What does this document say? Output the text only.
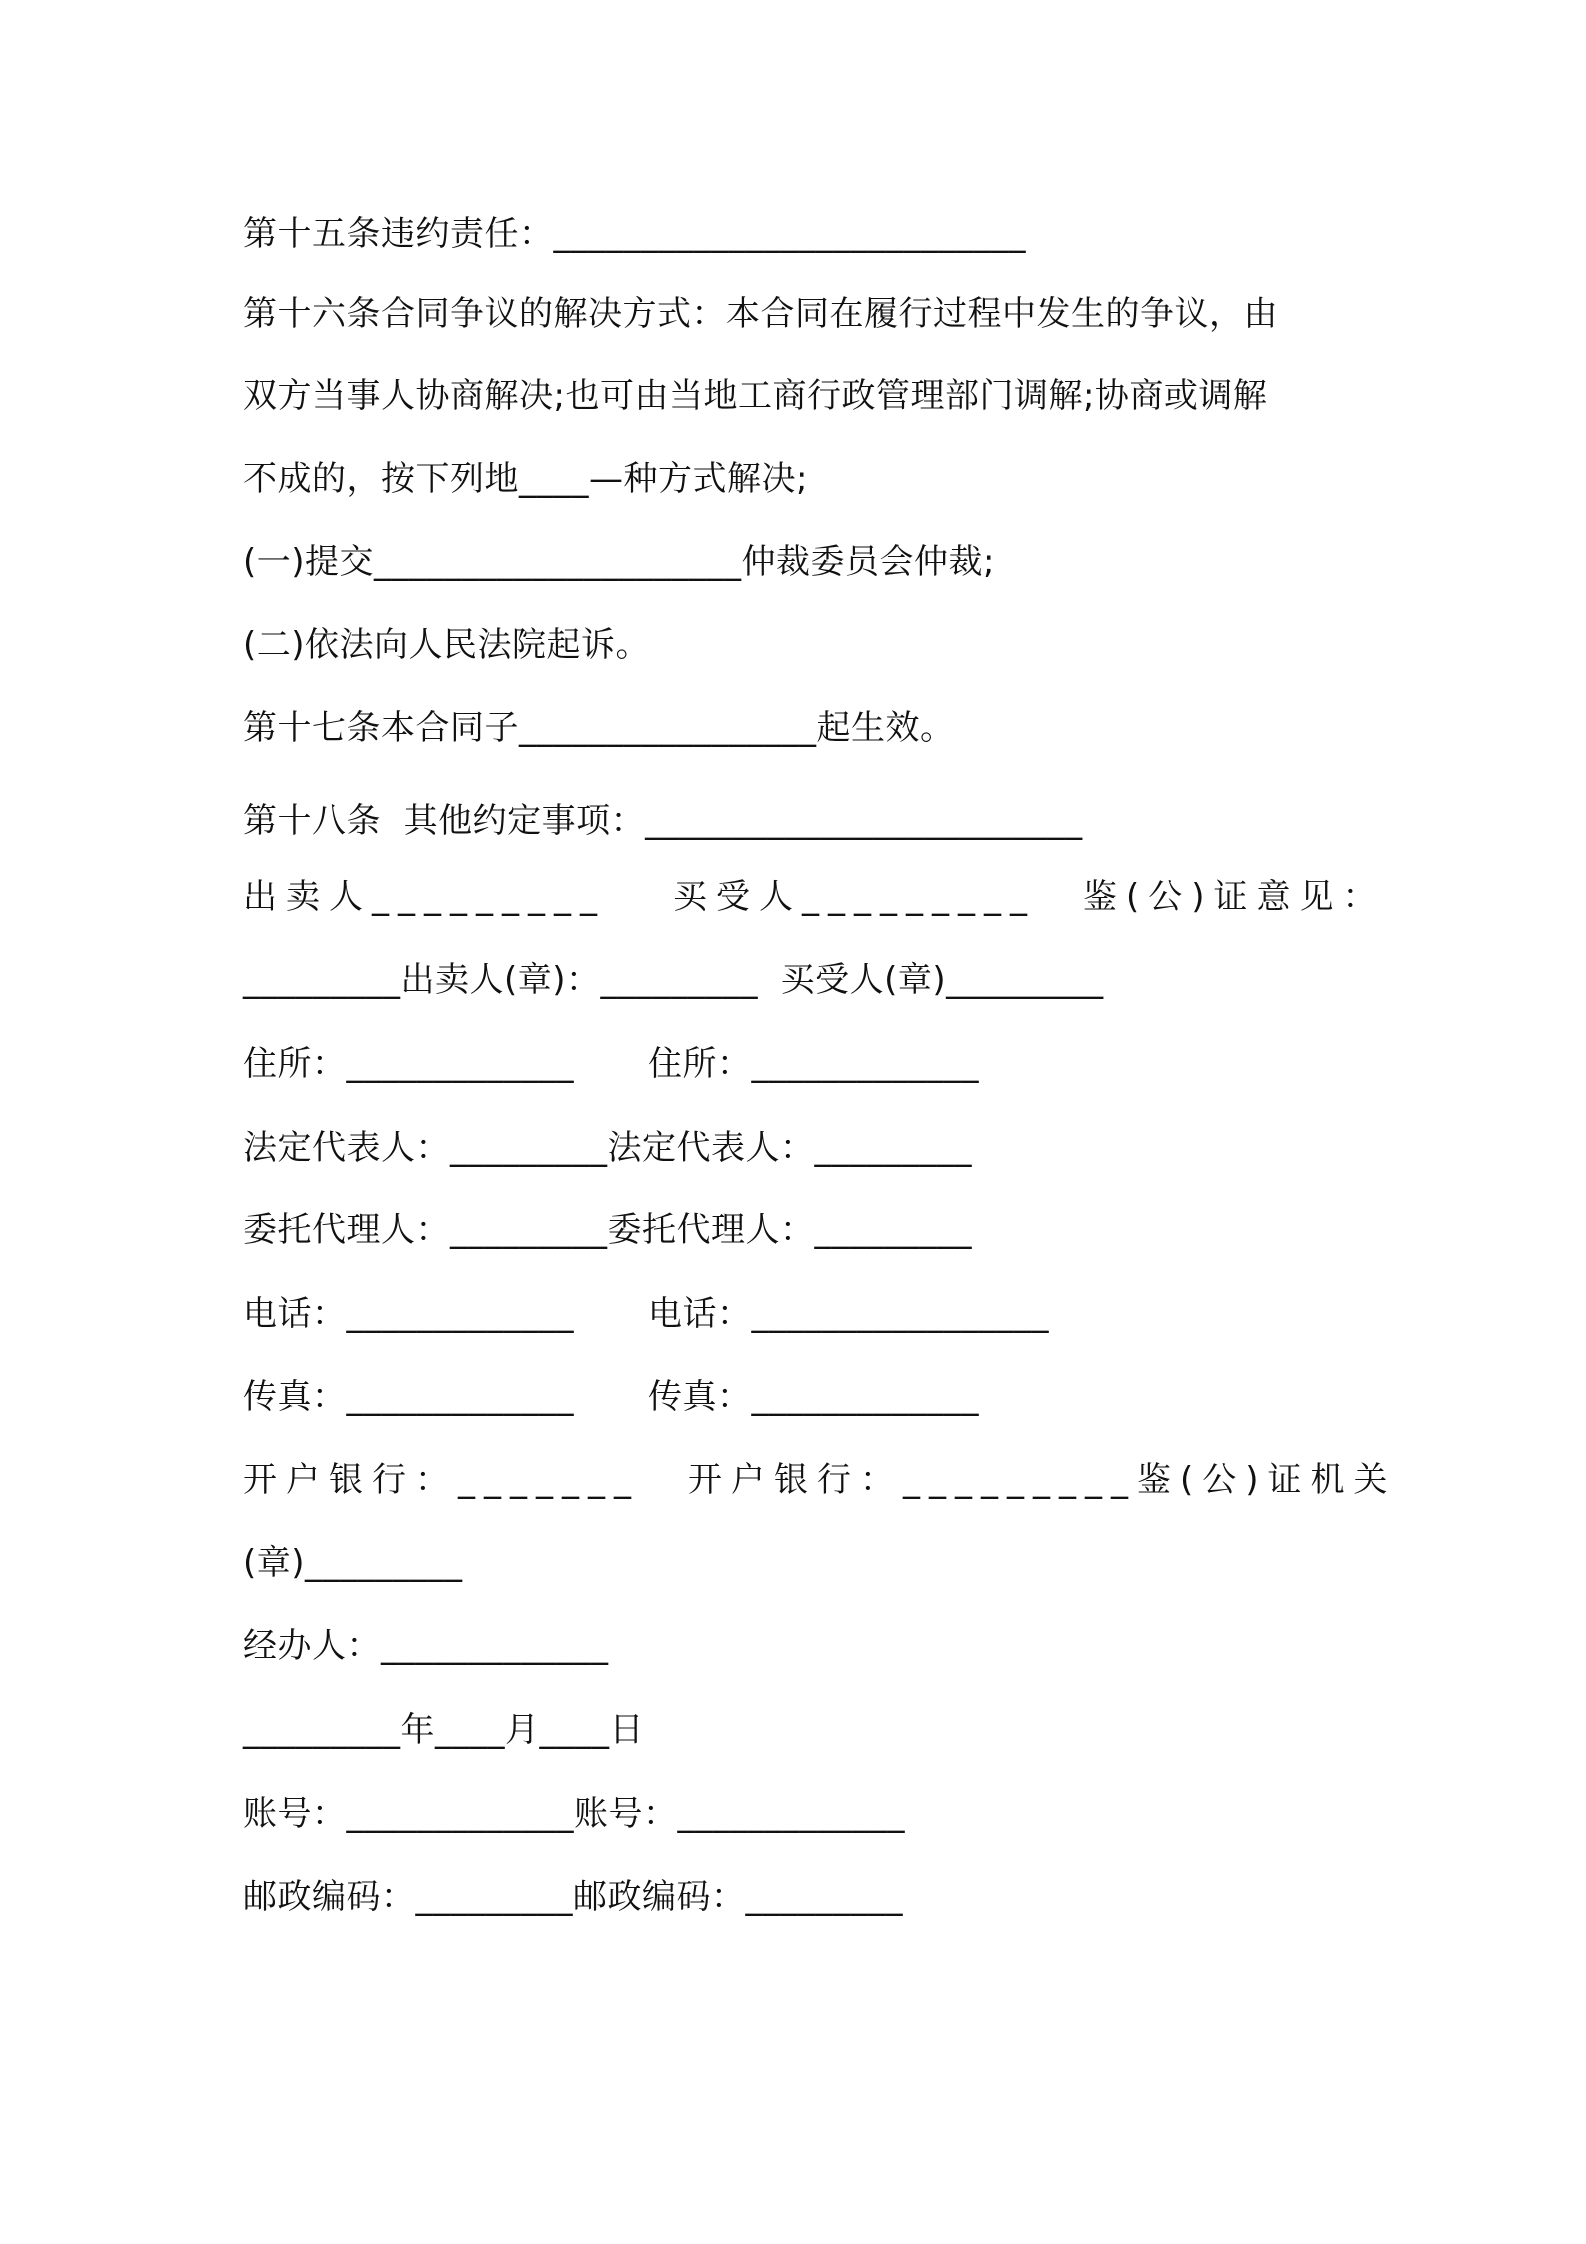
第十五条违约责任：___________________________
第十六条合同争议的解决方式：本合同在履行过程中发生的争议，由
双方当事人协商解决;也可由当地工商行政管理部门调解;协商或调解
不成的，按下列地____—种方式解决;
(一)提交_____________________仲裁委员会仲裁;
(二)依法向人民法院起诉。
第十七条本合同子_________________起生效。
第十八条  其他约定事项：_________________________

出卖人_________

买受人_________

鉴(公)证意见：

_________出卖人(章)：_________  买受人(章)_________

住所：_____________

住所：_____________

法定代表人：_________法定代表人：_________
委托代理人：_________委托代理人：_________

电话：_____________

电话：_________________

传真：_____________

传真：_____________

开户银行：_______

开户银行：_________鉴(公)证机关

(章)_________
经办人：_____________
_________年____月____日
账号：_____________账号：_____________
邮政编码：_________邮政编码：_________
